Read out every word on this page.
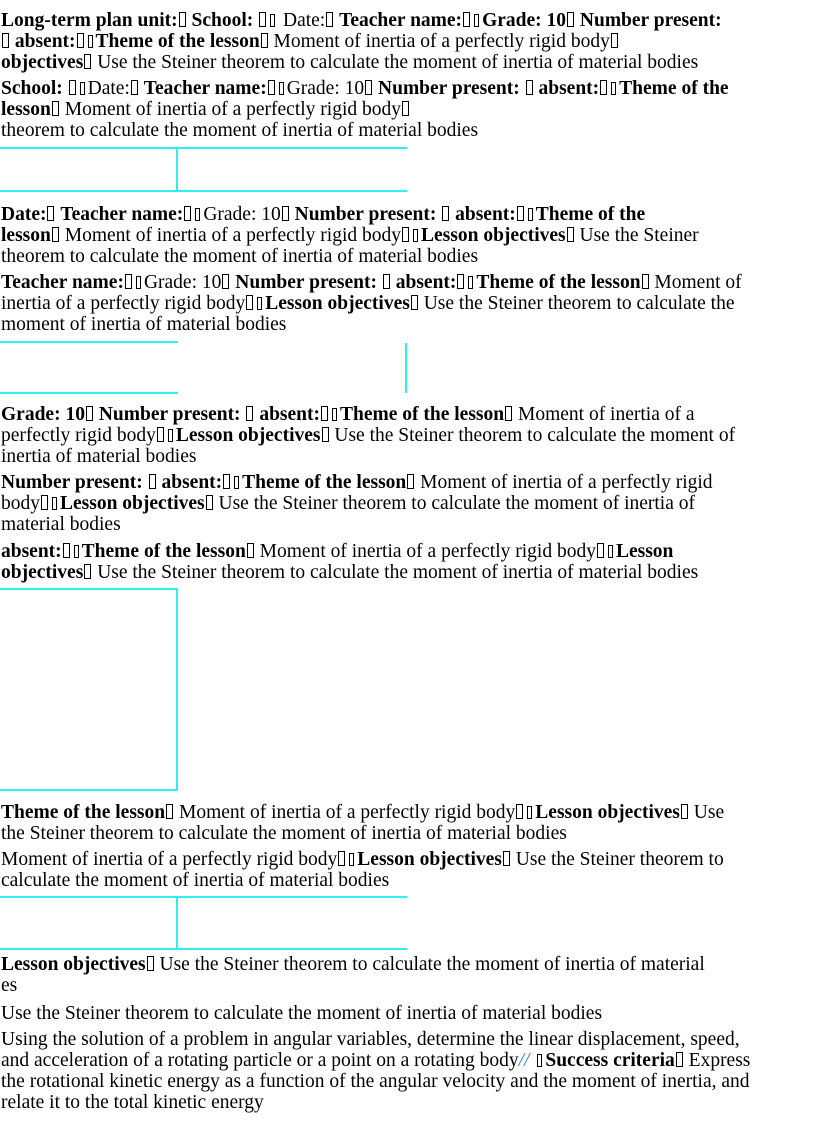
Long-term plan unit: School: Date: Teacher name: Grade: 10 Number present:
absent: Theme of the lesson Moment of inertia of a perfectly rigid body
objectives Use the Steiner theorem to calculate the moment of inertia of material bodies
School: Date: Teacher name: Grade: 10 Number present: absent: Theme of the
lesson Moment of inertia of a perfectly rigid body
theorem to calculate the moment of inertia of material bodies
Date: Teacher name: Grade: 10 Number present: absent: Theme of the
lesson Moment of inertia of a perfectly rigid body Lesson objectives Use the Steiner
theorem to calculate the moment of inertia of material bodies
Teacher name: Grade: 10 Number present: absent: Theme of the lesson Moment of
inertia of a perfectly rigid body Lesson objectives Use the Steiner theorem to calculate the
moment of inertia of material bodies
Grade: 10 Number present: absent: Theme of the lesson Moment of inertia of a
perfectly rigid body Lesson objectives Use the Steiner theorem to calculate the moment of
inertia of material bodies
Number present: absent: Theme of the lesson Moment of inertia of a perfectly rigid
body Lesson objectives Use the Steiner theorem to calculate the moment of inertia of
material bodies
absent: Theme of the lesson Moment of inertia of a perfectly rigid body Lesson
objectives Use the Steiner theorem to calculate the moment of inertia of material bodies
Theme of the lesson Moment of inertia of a perfectly rigid body Lesson objectives Use
the Steiner theorem to calculate the moment of inertia of material bodies
Moment of inertia of a perfectly rigid body Lesson objectives Use the Steiner theorem to
calculate the moment of inertia of material bodies
Lesson objectives Use the Steiner theorem to calculate the moment of inertia of material
es
Use the Steiner theorem to calculate the moment of inertia of material bodies
Using the solution of a problem in angular variables, determine the linear displacement, speed,
and acceleration of a rotating particle or a point on a rotating body// Success criteria Express
the rotational kinetic energy as a function of the angular velocity and the moment of inertia, and
relate it to the total kinetic energy
